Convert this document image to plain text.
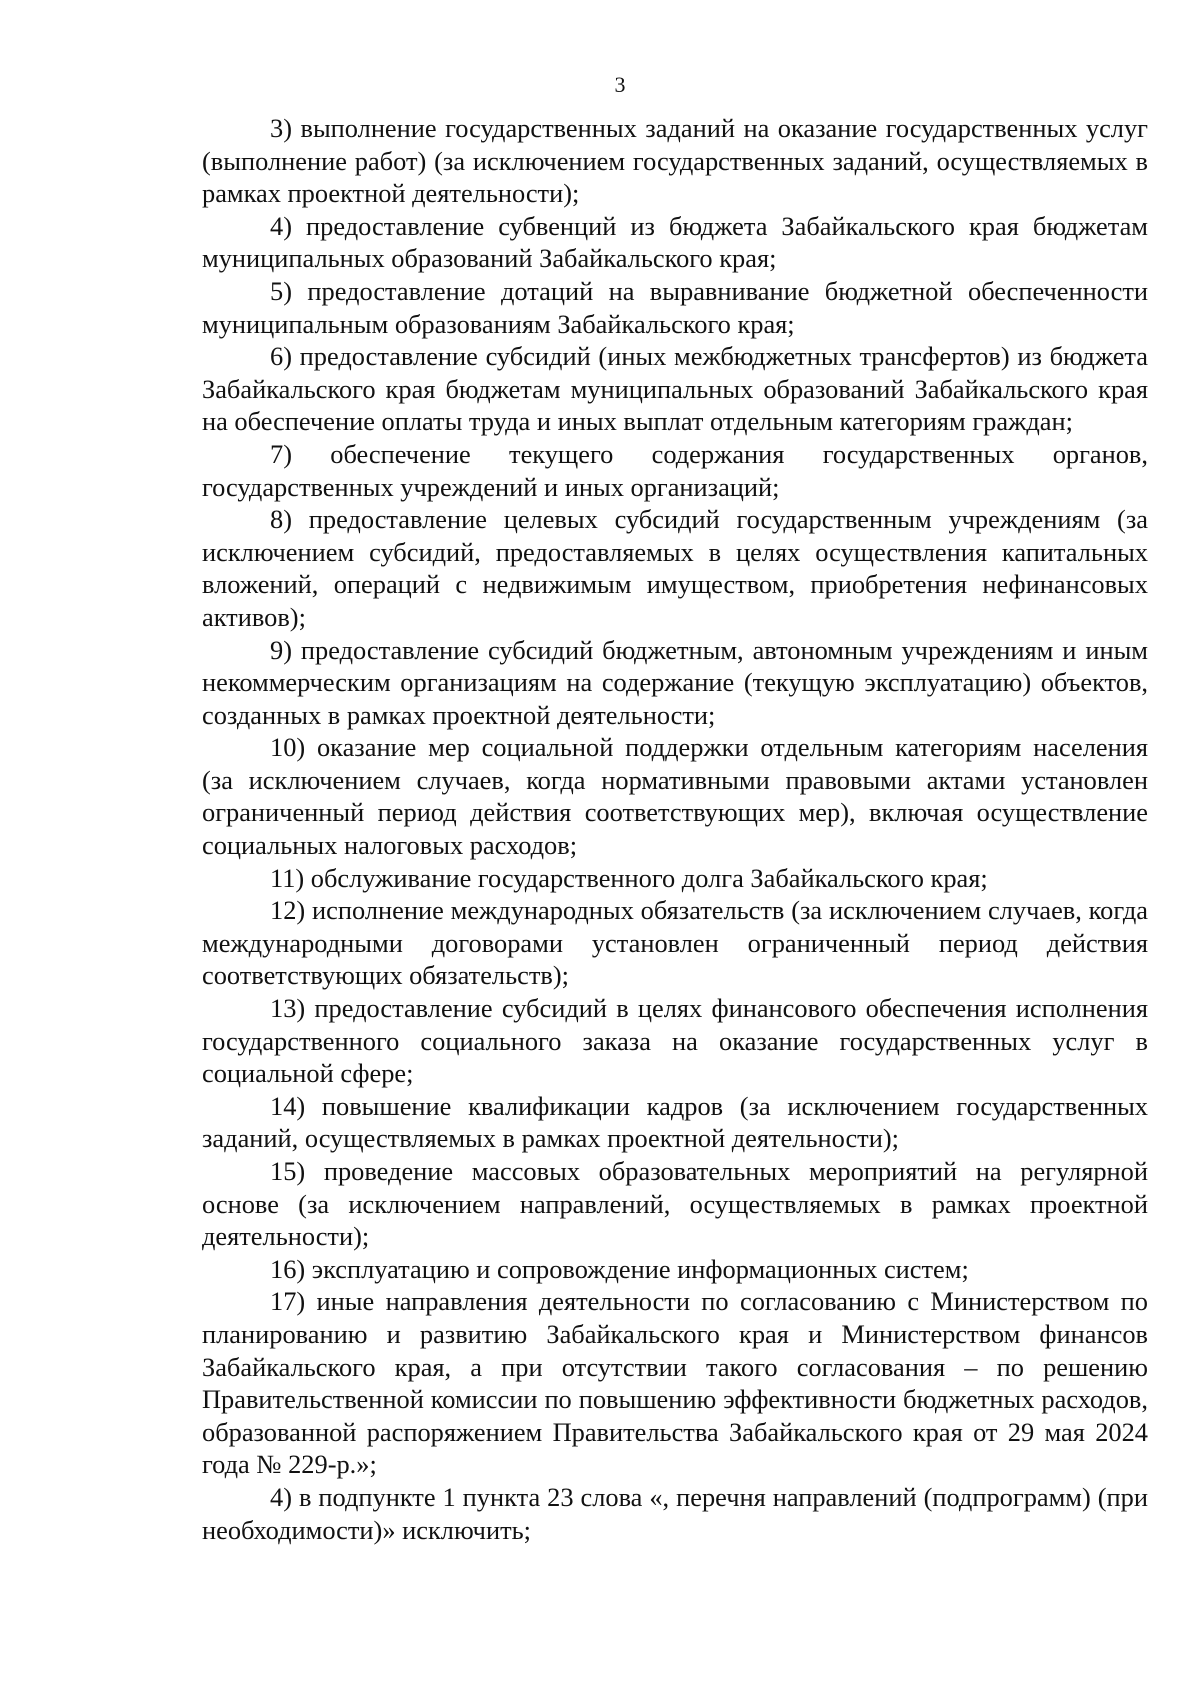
3

3) выполнение государственных заданий на оказание государственных услуг (выполнение работ) (за исключением государственных заданий, осуществляемых в рамках проектной деятельности);

4) предоставление субвенций из бюджета Забайкальского края бюджетам муниципальных образований Забайкальского края;

5) предоставление дотаций на выравнивание бюджетной обеспеченности муниципальным образованиям Забайкальского края;

6) предоставление субсидий (иных межбюджетных трансфертов) из бюджета Забайкальского края бюджетам муниципальных образований Забайкальского края на обеспечение оплаты труда и иных выплат отдельным категориям граждан;

7) обеспечение текущего содержания государственных органов, государственных учреждений и иных организаций;

8) предоставление целевых субсидий государственным учреждениям (за исключением субсидий, предоставляемых в целях осуществления капитальных вложений, операций с недвижимым имуществом, приобретения нефинансовых активов);

9) предоставление субсидий бюджетным, автономным учреждениям и иным некоммерческим организациям на содержание (текущую эксплуатацию) объектов, созданных в рамках проектной деятельности;

10) оказание мер социальной поддержки отдельным категориям населения (за исключением случаев, когда нормативными правовыми актами установлен ограниченный период действия соответствующих мер), включая осуществление социальных налоговых расходов;

11) обслуживание государственного долга Забайкальского края;

12) исполнение международных обязательств (за исключением случаев, когда международными договорами установлен ограниченный период действия соответствующих обязательств);

13) предоставление субсидий в целях финансового обеспечения исполнения государственного социального заказа на оказание государственных услуг в социальной сфере;

14) повышение квалификации кадров (за исключением государственных заданий, осуществляемых в рамках проектной деятельности);

15) проведение массовых образовательных мероприятий на регулярной основе (за исключением направлений, осуществляемых в рамках проектной деятельности);

16) эксплуатацию и сопровождение информационных систем;

17) иные направления деятельности по согласованию с Министерством по планированию и развитию Забайкальского края и Министерством финансов Забайкальского края, а при отсутствии такого согласования – по решению Правительственной комиссии по повышению эффективности бюджетных расходов, образованной распоряжением Правительства Забайкальского края от 29 мая 2024 года № 229-р.»;

4) в подпункте 1 пункта 23 слова «, перечня направлений (подпрограмм) (при необходимости)» исключить;
